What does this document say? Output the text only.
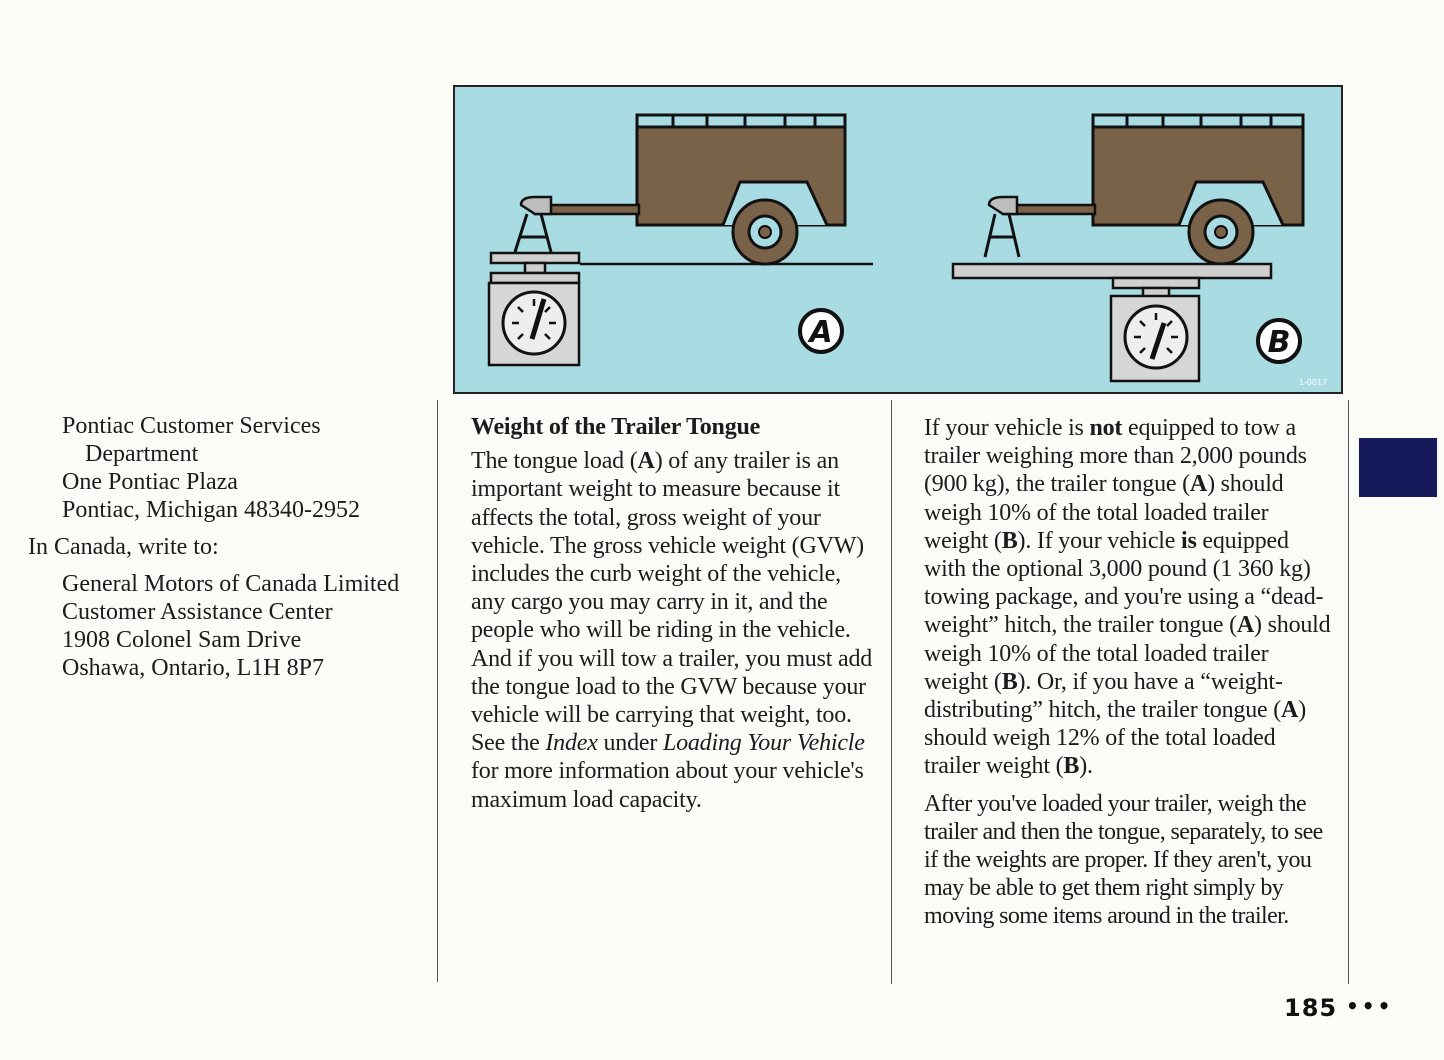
A	B
1-0017
Pontiac Customer Services
Department
One Pontiac Plaza
Pontiac, Michigan 48340-2952
In Canada, write to:
General Motors of Canada Limited
Customer Assistance Center
1908 Colonel Sam Drive
Oshawa, Ontario, L1H 8P7

Weight of the Trailer Tongue

The tongue load (A) of any trailer is an important weight to measure because it affects the total, gross weight of your vehicle. The gross vehicle weight (GVW) includes the curb weight of the vehicle, any cargo you may carry in it, and the people who will be riding in the vehicle. And if you will tow a trailer, you must add the tongue load to the GVW because your vehicle will be carrying that weight, too. See the Index under Loading Your Vehicle for more information about your vehicle's maximum load capacity.

If your vehicle is not equipped to tow a trailer weighing more than 2,000 pounds (900 kg), the trailer tongue (A) should weigh 10% of the total loaded trailer weight (B). If your vehicle is equipped with the optional 3,000 pound (1 360 kg) towing package, and you're using a “dead-weight” hitch, the trailer tongue (A) should weigh 10% of the total loaded trailer weight (B). Or, if you have a “weight-distributing” hitch, the trailer tongue (A) should weigh 12% of the total loaded trailer weight (B).

After you've loaded your trailer, weigh the trailer and then the tongue, separately, to see if the weights are proper. If they aren't, you may be able to get them right simply by moving some items around in the trailer.

185 •••
